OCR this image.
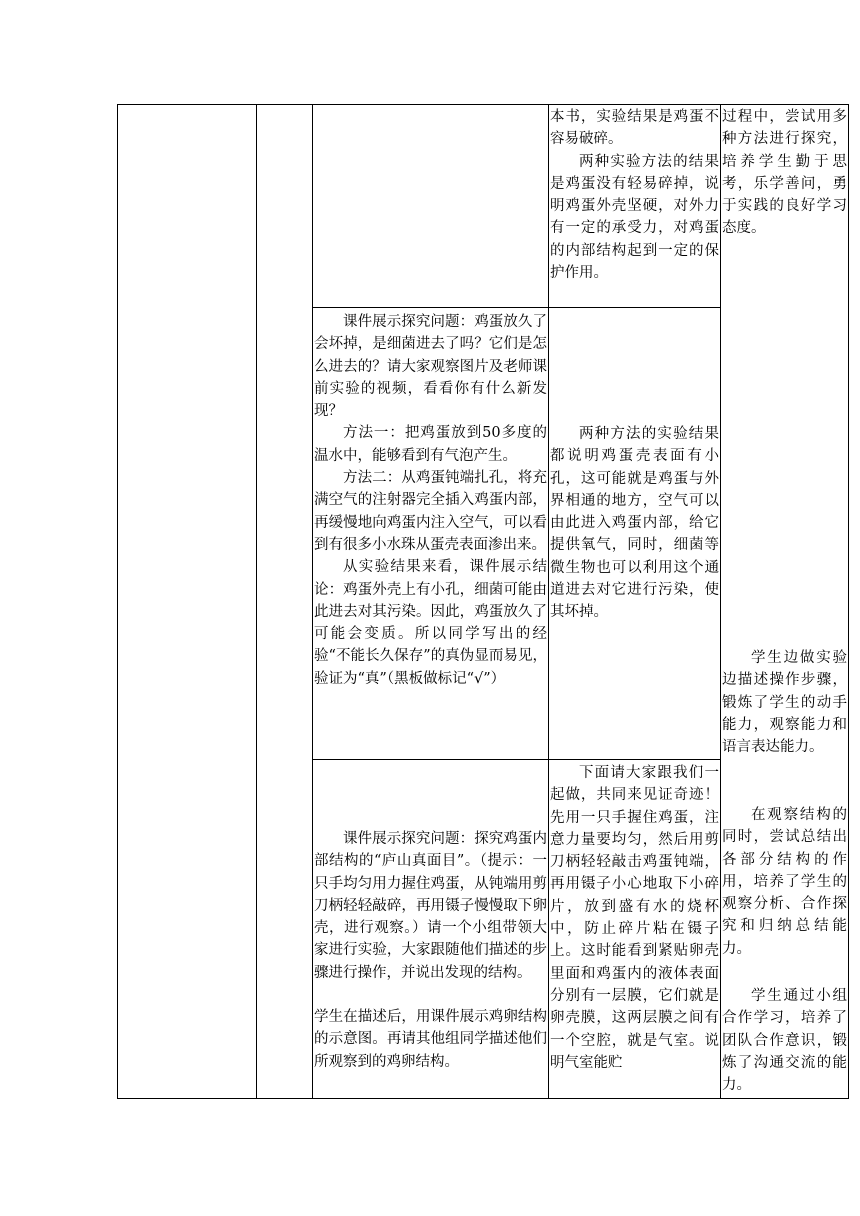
本书，实验结果是鸡蛋不容易破碎。

两种实验方法的结果是鸡蛋没有轻易碎掉，说明鸡蛋外壳坚硬，对外力有一定的承受力，对鸡蛋的内部结构起到一定的保护作用。

课件展示探究问题：鸡蛋放久了会坏掉，是细菌进去了吗？它们是怎么进去的？请大家观察图片及老师课前实验的视频，看看你有什么新发现？

方法一：把鸡蛋放到50多度的温水中，能够看到有气泡产生。

方法二：从鸡蛋钝端扎孔，将充满空气的注射器完全插入鸡蛋内部，再缓慢地向鸡蛋内注入空气，可以看到有很多小水珠从蛋壳表面渗出来。

从实验结果来看，课件展示结论：鸡蛋外壳上有小孔，细菌可能由此进去对其污染。因此，鸡蛋放久了可能会变质。所以同学写出的经验“不能长久保存”的真伪显而易见，验证为“真”（黑板做标记“√”）

两种方法的实验结果都说明鸡蛋壳表面有小孔，这可能就是鸡蛋与外界相通的地方，空气可以由此进入鸡蛋内部，给它提供氧气，同时，细菌等微生物也可以利用这个通道进去对它进行污染，使其坏掉。

课件展示探究问题：探究鸡蛋内部结构的“庐山真面目”。（提示：一只手均匀用力握住鸡蛋，从钝端用剪刀柄轻轻敲碎，再用镊子慢慢取下卵壳，进行观察。）请一个小组带领大家进行实验，大家跟随他们描述的步骤进行操作，并说出发现的结构。

学生在描述后，用课件展示鸡卵结构的示意图。再请其他组同学描述他们所观察到的鸡卵结构。

下面请大家跟我们一起做，共同来见证奇迹！先用一只手握住鸡蛋，注意力量要均匀，然后用剪刀柄轻轻敲击鸡蛋钝端，再用镊子小心地取下小碎片，放到盛有水的烧杯中，防止碎片粘在镊子上。这时能看到紧贴卵壳里面和鸡蛋内的液体表面分别有一层膜，它们就是卵壳膜，这两层膜之间有一个空腔，就是气室。说明气室能贮

过程中，尝试用多种方法进行探究，培养学生勤于思考，乐学善问，勇于实践的良好学习态度。

学生边做实验边描述操作步骤，锻炼了学生的动手能力，观察能力和语言表达能力。

在观察结构的同时，尝试总结出各部分结构的作用，培养了学生的观察分析、合作探究和归纳总结能力。

学生通过小组合作学习，培养了团队合作意识，锻炼了沟通交流的能力。
